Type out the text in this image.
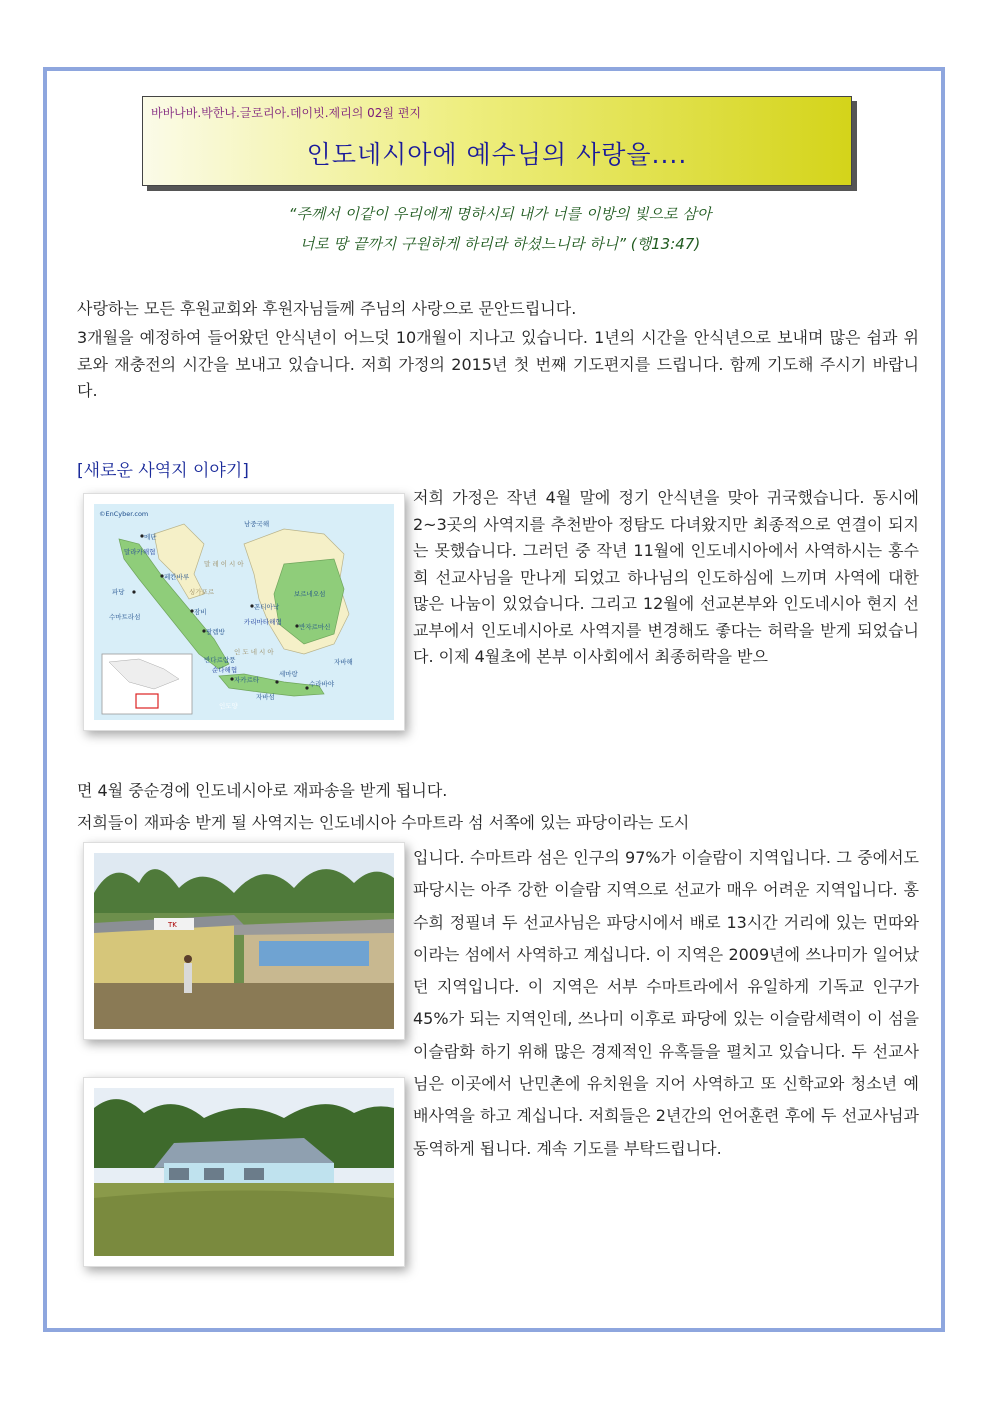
바바나바.박한나.글로리아.데이빗.제리의 02월 편지
인도네시아에 예수님의 사랑을....
“주께서 이같이 우리에게 명하시되 내가 너를 이방의 빛으로 삼아
너로 땅 끝까지 구원하게 하리라 하셨느니라 하니” (행13:47)
사랑하는 모든 후원교회와 후원자님들께 주님의 사랑으로 문안드립니다.
3개월을 예정하여 들어왔던 안식년이 어느덧 10개월이 지나고 있습니다. 1년의 시간을 안식년으로 보내며 많은 쉼과 위로와 재충전의 시간을 보내고 있습니다. 저희 가정의 2015년 첫 번째 기도편지를 드립니다. 함께 기도해 주시기 바랍니다.
[새로운 사역지 이야기]
©EnCyber.com
남중국해
말 레 이 시 아
싱가포르
수마트라섬
보르네오섬
자바해
자바섬
인도양
메단
파당
페칸바루
팔렘방
잠비
폰티아낙
반자르마신
자카르타
세마랑
수라바야
인 도 네 시 아
말라카해협
카리마타해협
순다해협
반다르람풍
저희 가정은 작년 4월 말에 정기 안식년을 맞아 귀국했습니다. 동시에 2~3곳의 사역지를 추천받아 정탐도 다녀왔지만 최종적으로 연결이 되지는 못했습니다. 그러던 중 작년 11월에 인도네시아에서 사역하시는 홍수희 선교사님을 만나게 되었고 하나님의 인도하심에 느끼며 사역에 대한 많은 나눔이 있었습니다. 그리고 12월에 선교본부와 인도네시아 현지 선교부에서 인도네시아로 사역지를 변경해도 좋다는 허락을 받게 되었습니다. 이제 4월초에 본부 이사회에서 최종허락을 받으
면 4월 중순경에 인도네시아로 재파송을 받게 됩니다.
저희들이 재파송 받게 될 사역지는 인도네시아 수마트라 섬 서쪽에 있는 파당이라는 도시
TK
입니다. 수마트라 섬은 인구의 97%가 이슬람이 지역입니다. 그 중에서도 파당시는 아주 강한 이슬람 지역으로 선교가 매우 어려운 지역입니다. 홍수희 정필녀 두 선교사님은 파당시에서 배로 13시간 거리에 있는 먼따와이라는 섬에서 사역하고 계십니다. 이 지역은 2009년에 쓰나미가 일어났던 지역입니다. 이 지역은 서부 수마트라에서 유일하게 기독교 인구가 45%가 되는 지역인데, 쓰나미 이후로 파당에 있는 이슬람세력이 이 섬을 이슬람화 하기 위해 많은 경제적인 유혹들을 펼치고 있습니다. 두 선교사님은 이곳에서 난민촌에 유치원을 지어 사역하고 또 신학교와 청소년 예배사역을 하고 계십니다. 저희들은 2년간의 언어훈련 후에 두 선교사님과 동역하게 됩니다. 계속 기도를 부탁드립니다.
